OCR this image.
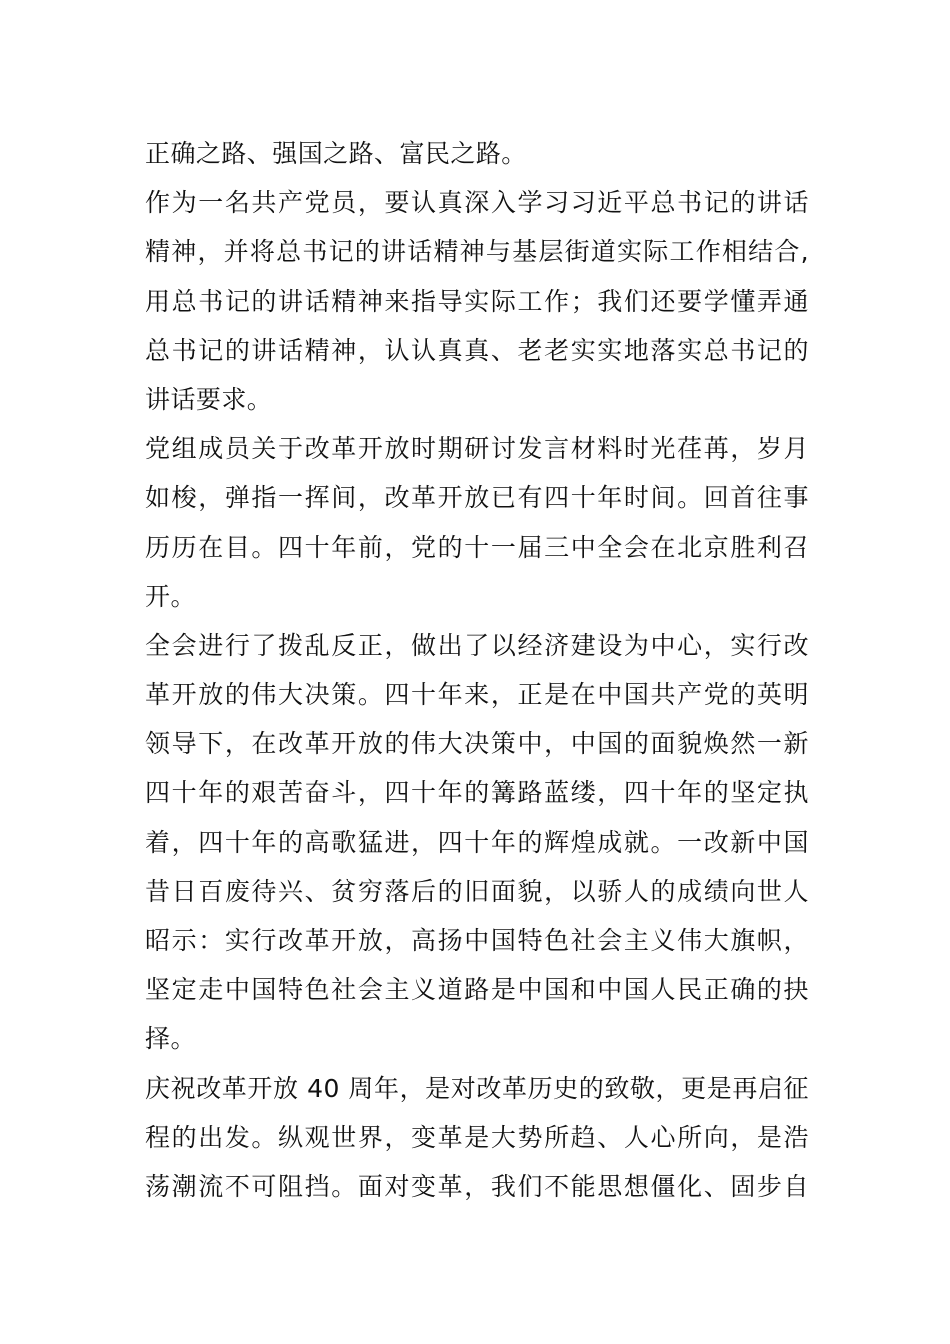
正确之路、强国之路、富民之路。
作为一名共产党员，要认真深入学习习近平总书记的讲话
精神，并将总书记的讲话精神与基层街道实际工作相结合,
用总书记的讲话精神来指导实际工作；我们还要学懂弄通
总书记的讲话精神，认认真真、老老实实地落实总书记的
讲话要求。
党组成员关于改革开放时期研讨发言材料时光荏苒，岁月
如梭，弹指一挥间，改革开放已有四十年时间。回首往事
历历在目。四十年前，党的十一届三中全会在北京胜利召
开。
全会进行了拨乱反正，做出了以经济建设为中心，实行改
革开放的伟大决策。四十年来，正是在中国共产党的英明
领导下，在改革开放的伟大决策中，中国的面貌焕然一新
四十年的艰苦奋斗，四十年的篝路蓝缕，四十年的坚定执
着，四十年的高歌猛进，四十年的辉煌成就。一改新中国
昔日百废待兴、贫穷落后的旧面貌，以骄人的成绩向世人
昭示：实行改革开放，高扬中国特色社会主义伟大旗帜，
坚定走中国特色社会主义道路是中国和中国人民正确的抉
择。
庆祝改革开放 40 周年，是对改革历史的致敬，更是再启征
程的出发。纵观世界，变革是大势所趋、人心所向，是浩
荡潮流不可阻挡。面对变革，我们不能思想僵化、固步自
